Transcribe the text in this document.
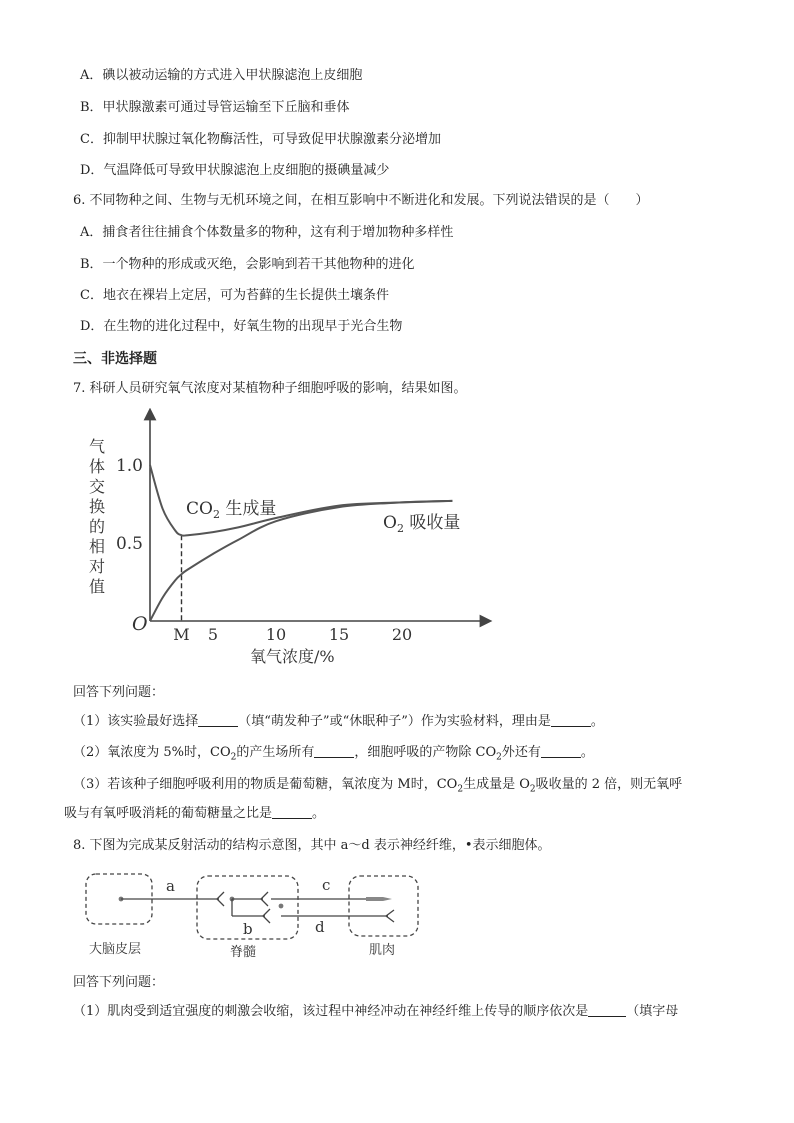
A．碘以被动运输的方式进入甲状腺滤泡上皮细胞
B．甲状腺激素可通过导管运输至下丘脑和垂体
C．抑制甲状腺过氧化物酶活性，可导致促甲状腺激素分泌增加
D．气温降低可导致甲状腺滤泡上皮细胞的摄碘量减少
6. 不同物种之间、生物与无机环境之间，在相互影响中不断进化和发展。下列说法错误的是（　　）
A．捕食者往往捕食个体数量多的物种，这有利于增加物种多样性
B．一个物种的形成或灭绝，会影响到若干其他物种的进化
C．地衣在裸岩上定居，可为苔藓的生长提供土壤条件
D．在生物的进化过程中，好氧生物的出现早于光合生物
三、非选择题
7. 科研人员研究氧气浓度对某植物种子细胞呼吸的影响，结果如图。
气
体
交
换
的
相
对
值
O
1.0
0.5
M 5	10	15	20
$CO_2$ 生成量
$O_2$ 吸收量
氧气浓度/%
回答下列问题：
（1）该实验最好选择	（填“萌发种子”或“休眠种子”）作为实验材料，理由是	。
（2）氧浓度为 5%时，$CO_2$的产生场所有	，细胞呼吸的产物除 $CO_2$外还有	。
（3）若该种子细胞呼吸利用的物质是葡萄糖，氧浓度为 M时，$CO_2$生成量是 $O_2$吸收量的 2 倍，则无氧呼
吸与有氧呼吸消耗的葡萄糖量之比是	。
8. 下图为完成某反射活动的结构示意图，其中 a～d 表示神经纤维，•表示细胞体。
a
b
c
d
大脑皮层	脊髓	肌肉
回答下列问题：
（1）肌肉受到适宜强度的刺激会收缩，该过程中神经冲动在神经纤维上传导的顺序依次是	（填字母
